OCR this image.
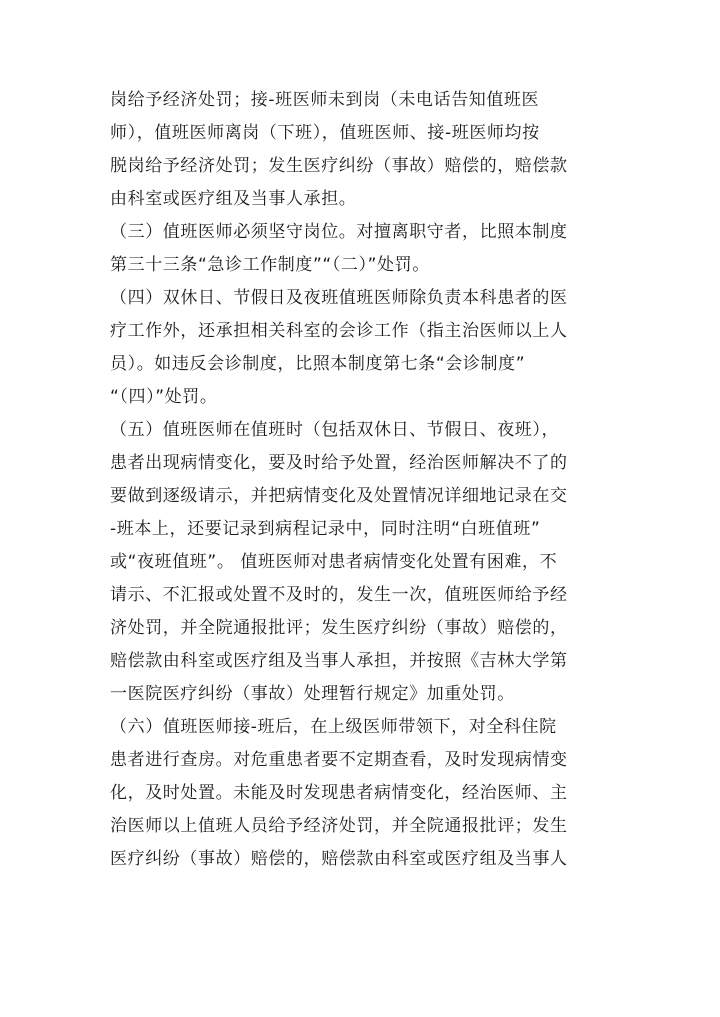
岗给予经济处罚；接-班医师未到岗（未电话告知值班医
师），值班医师离岗（下班），值班医师、接-班医师均按
脱岗给予经济处罚；发生医疗纠纷（事故）赔偿的，赔偿款
由科室或医疗组及当事人承担。
（三）值班医师必须坚守岗位。对擅离职守者，比照本制度
第三十三条“急诊工作制度”“（二）”处罚。
（四）双休日、节假日及夜班值班医师除负责本科患者的医
疗工作外，还承担相关科室的会诊工作（指主治医师以上人
员）。如违反会诊制度，比照本制度第七条“会诊制度”
“（四）”处罚。
（五）值班医师在值班时（包括双休日、节假日、夜班），
患者出现病情变化，要及时给予处置，经治医师解决不了的
要做到逐级请示，并把病情变化及处置情况详细地记录在交
-班本上，还要记录到病程记录中，同时注明“白班值班”
或“夜班值班”。 值班医师对患者病情变化处置有困难，不
请示、不汇报或处置不及时的，发生一次，值班医师给予经
济处罚，并全院通报批评；发生医疗纠纷（事故）赔偿的，
赔偿款由科室或医疗组及当事人承担，并按照《吉林大学第
一医院医疗纠纷（事故）处理暂行规定》加重处罚。
（六）值班医师接-班后，在上级医师带领下，对全科住院
患者进行查房。对危重患者要不定期查看，及时发现病情变
化，及时处置。未能及时发现患者病情变化，经治医师、主
治医师以上值班人员给予经济处罚，并全院通报批评；发生
医疗纠纷（事故）赔偿的，赔偿款由科室或医疗组及当事人
